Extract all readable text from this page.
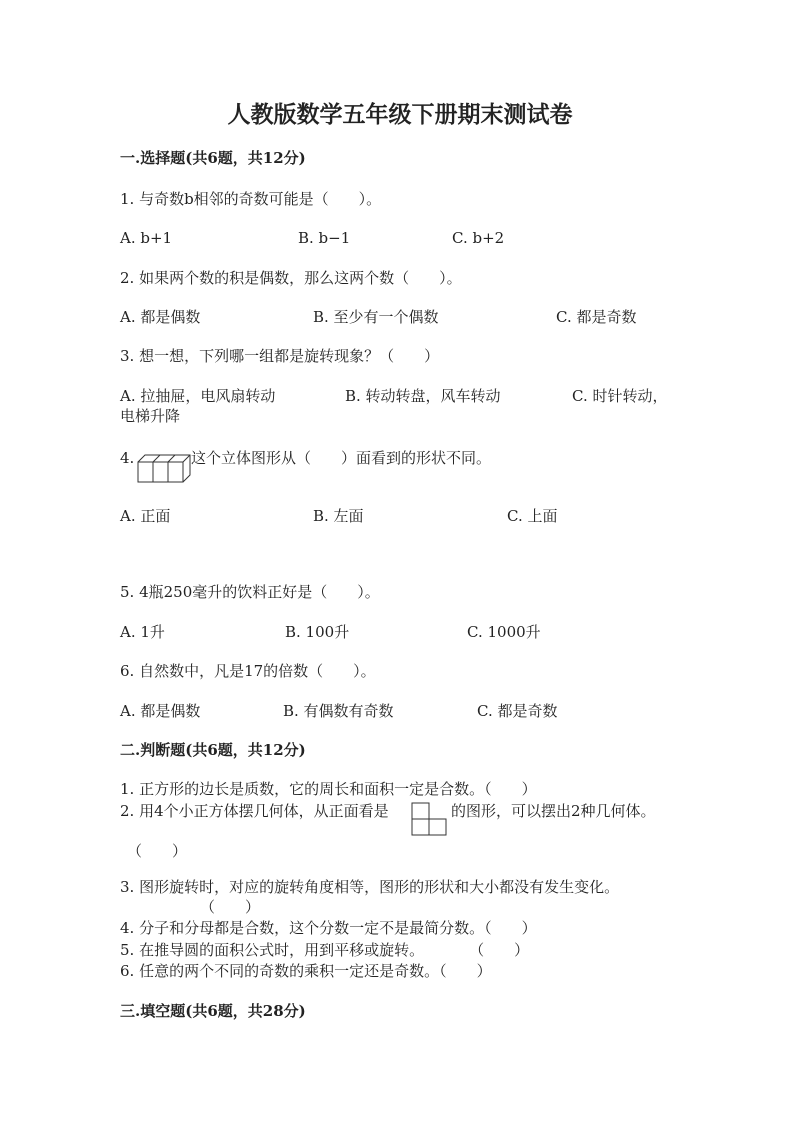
人教版数学五年级下册期末测试卷
一.选择题(共6题，共12分)
1. 与奇数b相邻的奇数可能是（　　）。
A. b+1	B. b−1	C. b+2
2. 如果两个数的积是偶数，那么这两个数（　　）。
A. 都是偶数	B. 至少有一个偶数	C. 都是奇数
3. 想一想，下列哪一组都是旋转现象？（　　）
A. 拉抽屉，电风扇转动	B. 转动转盘，风车转动	C. 时针转动，
电梯升降
4.	这个立体图形从（　　）面看到的形状不同。
A. 正面	B. 左面	C. 上面
5. 4瓶250毫升的饮料正好是（　　）。
A. 1升	B. 100升	C. 1000升
6. 自然数中，凡是17的倍数（　　）。
A. 都是偶数	B. 有偶数有奇数	C. 都是奇数
二.判断题(共6题，共12分)
1. 正方形的边长是质数，它的周长和面积一定是合数。（　　）
2. 用4个小正方体摆几何体，从正面看是	的图形，可以摆出2种几何体。
（　　）
3. 图形旋转时，对应的旋转角度相等，图形的形状和大小都没有发生变化。
（　　）
4. 分子和分母都是合数，这个分数一定不是最简分数。（　　）
5. 在推导圆的面积公式时，用到平移或旋转。　　　　（　　）
6. 任意的两个不同的奇数的乘积一定还是奇数。（　　）
三.填空题(共6题，共28分)
